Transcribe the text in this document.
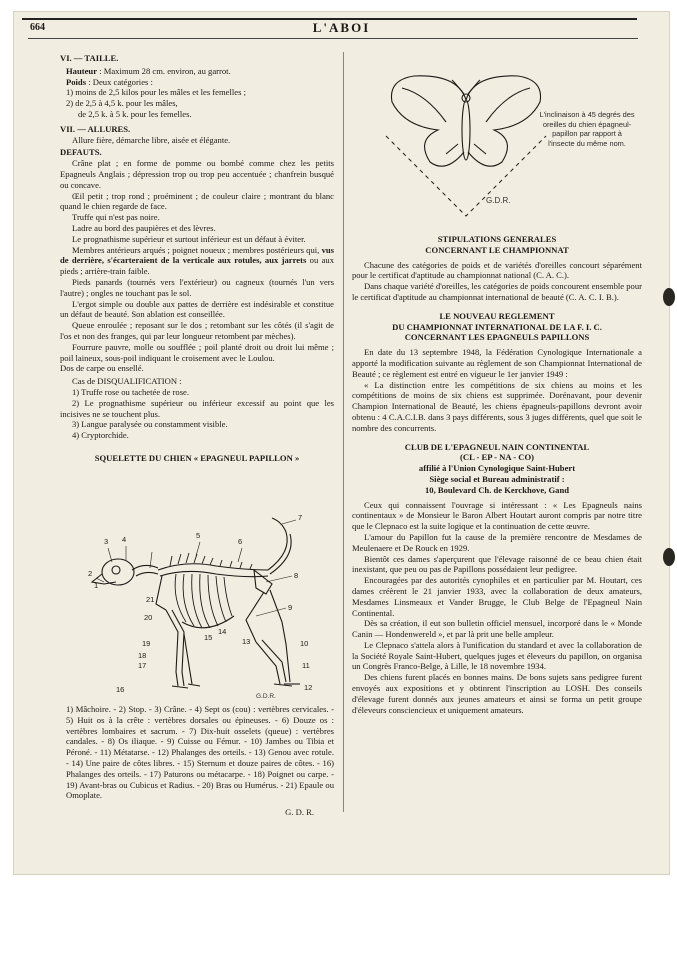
664	L'ABOI

VI. — TAILLE.

Hauteur : Maximum 28 cm. environ, au garrot.

Poids : Deux catégories :

1) moins de 2,5 kilos pour les mâles et les femelles ;

2) de 2,5 à 4,5 k. pour les mâles,

de 2,5 k. à 5 k. pour les femelles.

VII. — ALLURES.

Allure fière, démarche libre, aisée et élégante.

DEFAUTS.

Crâne plat ; en forme de pomme ou bombé comme chez les petits Epagneuls Anglais ; dépression trop ou trop peu accentuée ; chanfrein busqué ou concave.

Œil petit ; trop rond ; proéminent ; de couleur claire ; montrant du blanc quand le chien regarde de face.

Truffe qui n'est pas noire.

Ladre au bord des paupières et des lèvres.

Le prognathisme supérieur et surtout inférieur est un défaut à éviter.

Membres antérieurs arqués ; poignet noueux ; membres postérieurs qui, vus de derrière, s'écarteraient de la verticale aux rotules, aux jarrets ou aux pieds ; arrière-train faible.

Pieds panards (tournés vers l'extérieur) ou cagneux (tournés l'un vers l'autre) ; ongles ne touchant pas le sol.

L'ergot simple ou double aux pattes de derrière est indésirable et constitue un défaut de beauté. Son ablation est conseillée.

Queue enroulée ; reposant sur le dos ; retombant sur les côtés (il s'agit de l'os et non des franges, qui par leur longueur retombent par mèches).

Fourrure pauvre, molle ou soufflée ; poil planté droit ou droit lui même ; poil laineux, sous-poil indiquant le croisement avec le Loulou.

Dos de carpe ou ensellé.

Cas de DISQUALIFICATION :

1) Truffe rose ou tachetée de rose.

2) Le prognathisme supérieur ou inférieur excessif au point que les incisives ne se touchent plus.

3) Langue paralysée ou constamment visible.

4) Cryptorchide.

SQUELETTE DU CHIEN « EPAGNEUL PAPILLON »

2
1
3 4	5
6
7
8
9
10
11
12
13
14
15
16
17
18
19
20
21
G.D.R.

1) Mâchoire. - 2) Stop. - 3) Crâne. - 4) Sept os (cou) : vertèbres cervicales. - 5) Huit os à la crête : vertèbres dorsales ou épineuses. - 6) Douze os : vertèbres lombaires et sacrum. - 7) Dix-huit osselets (queue) : vertèbres candales. - 8) Os iliaque. - 9) Cuisse ou Fémur. - 10) Jambes ou Tibia et Péroné. - 11) Métatarse. - 12) Phalanges des orteils. - 13) Genou avec rotule. - 14) Une paire de côtes libres. - 15) Sternum et douze paires de côtes. - 16) Phalanges des orteils. - 17) Paturons ou métacarpe. - 18) Poignet ou carpe. - 19) Avant-bras ou Cubicus et Radius. - 20) Bras ou Humérus. - 21) Epaule ou Omoplate.

G. D. R.

G.D.R.
L'inclinaison à 45 degrés des oreilles du chien épagneul-papillon par rapport à l'insecte du même nom.

STIPULATIONS GENERALES

CONCERNANT LE CHAMPIONNAT

Chacune des catégories de poids et de variétés d'oreilles concourt séparément pour le certificat d'aptitude au championnat national (C. A. C.).

Dans chaque variété d'oreilles, les catégories de poids concourent ensemble pour le certificat d'aptitude au championnat international de beauté (C. A. C. I. B.).

LE NOUVEAU REGLEMENT

DU CHAMPIONNAT INTERNATIONAL DE LA F. I. C.

CONCERNANT LES EPAGNEULS PAPILLONS

En date du 13 septembre 1948, la Fédération Cynologique Internationale a apporté la modification suivante au règlement de son Championnat International de Beauté ; ce règlement est entré en vigueur le 1er janvier 1949 :

« La distinction entre les compétitions de six chiens au moins et les compétitions de moins de six chiens est supprimée. Dorénavant, pour devenir Champion International de Beauté, les chiens épagneuls-papillons devront avoir obtenu : 4 C.A.C.I.B. dans 3 pays différents, sous 3 juges différents, quel que soit le nombre des concurrents.

CLUB DE L'EPAGNEUL NAIN CONTINENTAL

(CL - EP - NA - CO)

affilié à l'Union Cynologique Saint-Hubert

Siège social et Bureau administratif :

10, Boulevard Ch. de Kerckhove, Gand

Ceux qui connaissent l'ouvrage si intéressant : « Les Epagneuls nains continentaux » de Monsieur le Baron Albert Houtart auront compris par notre titre que le Clepnaco est la suite logique et la continuation de cette œuvre.

L'amour du Papillon fut la cause de la première rencontre de Mesdames de Meulenaere et De Rouck en 1929.

Bientôt ces dames s'aperçurent que l'élevage raisonné de ce beau chien était inexistant, que peu ou pas de Papillons possédaient leur pedigree.

Encouragées par des autorités cynophiles et en particulier par M. Houtart, ces dames créèrent le 21 janvier 1933, avec la collaboration de deux amateurs, Mesdames Linsmeaux et Vander Brugge, le Club Belge de l'Epagneul Nain Continental.

Dès sa création, il eut son bulletin officiel mensuel, incorporé dans le « Monde Canin — Hondenwereld », et par là prit une belle ampleur.

Le Clepnaco s'attela alors à l'unification du standard et avec la collaboration de la Société Royale Saint-Hubert, quelques juges et éleveurs du papillon, on organisa un Congrès Franco-Belge, à Lille, le 18 novembre 1934.

Des chiens furent placés en bonnes mains. De bons sujets sans pedigree furent envoyés aux expositions et y obtinrent l'inscription au LOSH. Des conseils d'élevage furent donnés aux jeunes amateurs et ainsi se forma un petit groupe d'éleveurs consciencieux et uniquement amateurs.
